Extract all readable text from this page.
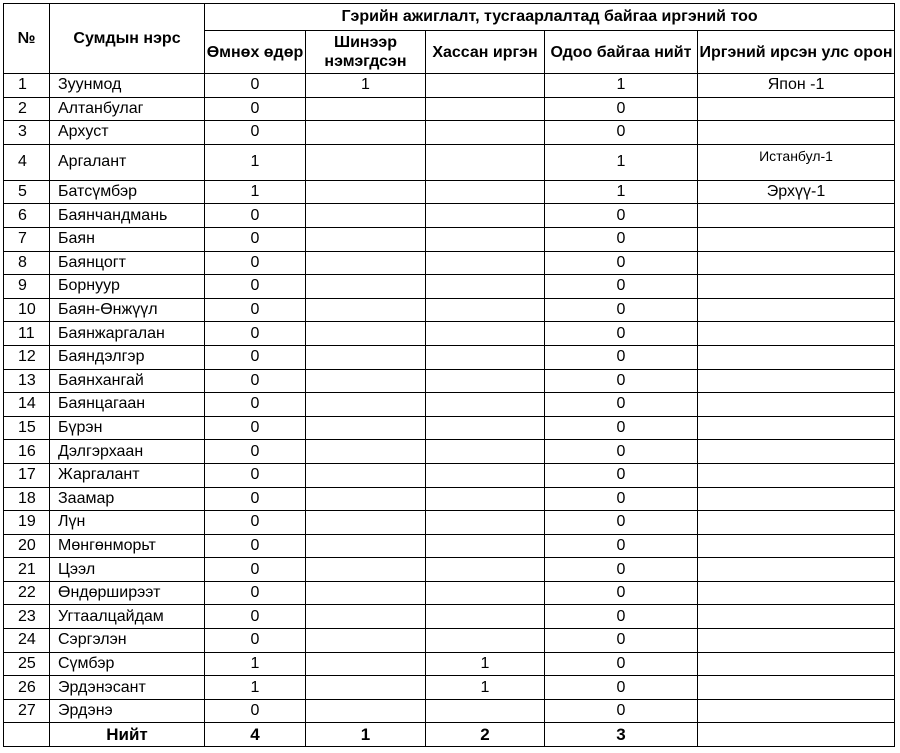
№	Сумдын нэрс	Гэрийн ажиглалт, тусгаарлалтад байгаа иргэний тоо				
		Өмнөх өдөр	Шинээр нэмэгдсэн	Хассан иргэн	Одоо байгаа нийт	Иргэний ирсэн улс орон
1	Зуунмод	0	1		1	Япон -1
2	Алтанбулаг	0			0	
3	Архуст	0			0	
4	Аргалант	1			1	Истанбул-1
5	Батсүмбэр	1			1	Эрхүү-1
6	Баянчандмань	0			0	
7	Баян	0			0	
8	Баянцогт	0			0	
9	Борнуур	0			0	
10	Баян-Өнжүүл	0			0	
11	Баянжаргалан	0			0	
12	Баяндэлгэр	0			0	
13	Баянхангай	0			0	
14	Баянцагаан	0			0	
15	Бүрэн	0			0	
16	Дэлгэрхаан	0			0	
17	Жаргалант	0			0	
18	Заамар	0			0	
19	Лүн	0			0	
20	Мөнгөнморьт	0			0	
21	Цээл	0			0	
22	Өндөрширээт	0			0	
23	Угтаалцайдам	0			0	
24	Сэргэлэн	0			0	
25	Сүмбэр	1		1	0	
26	Эрдэнэсант	1		1	0	
27	Эрдэнэ	0			0	
	Нийт	4	1	2	3	
